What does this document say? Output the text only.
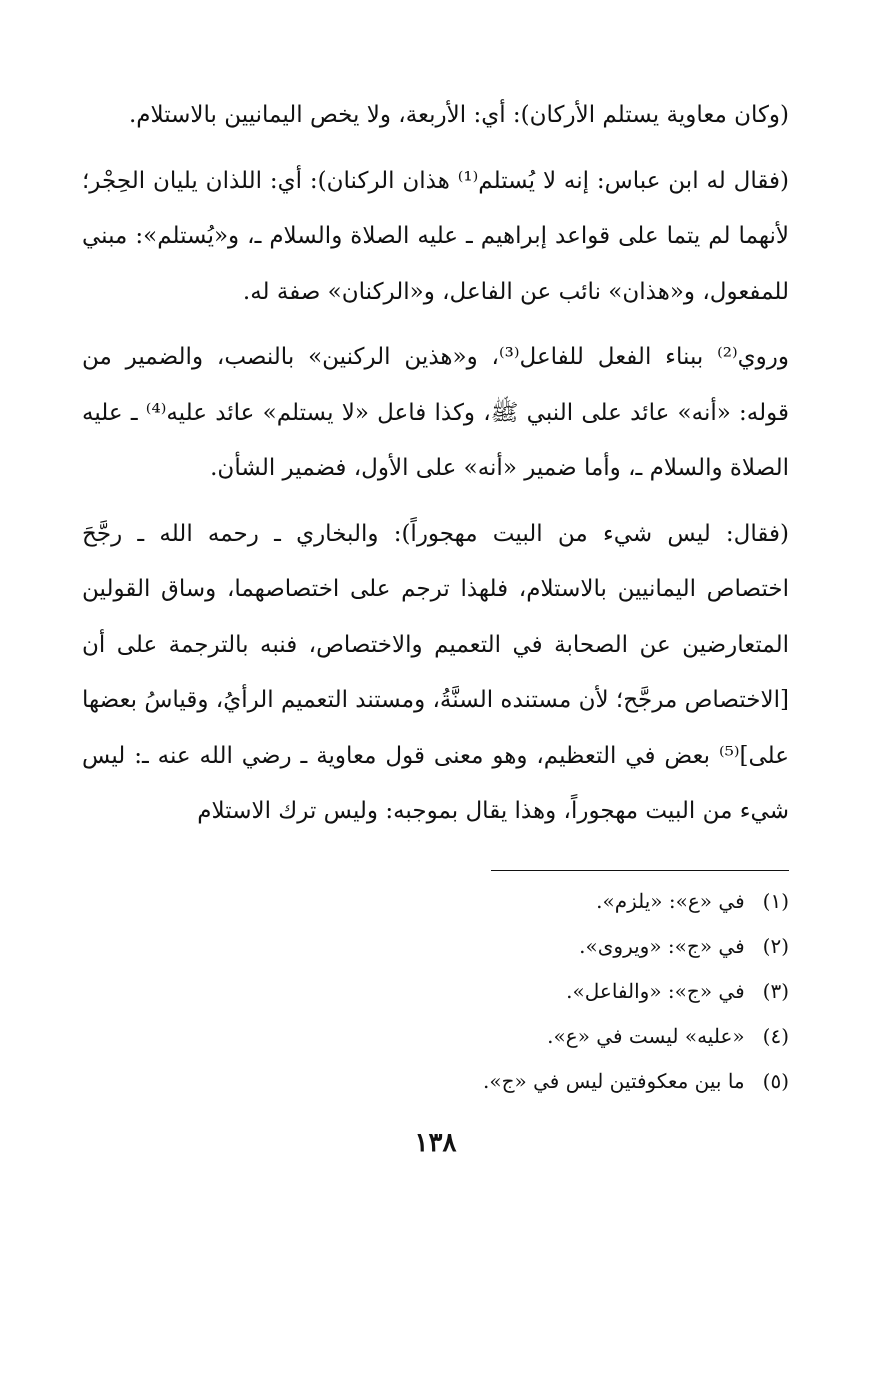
(وكان معاوية يستلم الأركان): أي: الأربعة، ولا يخص اليمانيين بالاستلام.

(فقال له ابن عباس: إنه لا يُستلم⁽¹⁾ هذان الركنان): أي: اللذان يليان الحِجْر؛ لأنهما لم يتما على قواعد إبراهيم ـ عليه الصلاة والسلام ـ، و«يُستلم»: مبني للمفعول، و«هذان» نائب عن الفاعل، و«الركنان» صفة له.

وروي⁽²⁾ ببناء الفعل للفاعل⁽³⁾، و«هذين الركنين» بالنصب، والضمير من قوله: «أنه» عائد على النبي ﷺ، وكذا فاعل «لا يستلم» عائد عليه⁽⁴⁾ ـ عليه الصلاة والسلام ـ، وأما ضمير «أنه» على الأول، فضمير الشأن.

(فقال: ليس شيء من البيت مهجوراً): والبخاري ـ رحمه الله ـ رجَّحَ اختصاص اليمانيين بالاستلام، فلهذا ترجم على اختصاصهما، وساق القولين المتعارضين عن الصحابة في التعميم والاختصاص، فنبه بالترجمة على أن [الاختصاص مرجَّح؛ لأن مستنده السنَّةُ، ومستند التعميم الرأيُ، وقياسُ بعضها على]⁽⁵⁾ بعض في التعظيم، وهو معنى قول معاوية ـ رضي الله عنه ـ: ليس شيء من البيت مهجوراً، وهذا يقال بموجبه: وليس ترك الاستلام

(١) في «ع»: «يلزم».
(٢) في «ج»: «ويروى».
(٣) في «ج»: «والفاعل».
(٤) «عليه» ليست في «ع».
(٥) ما بين معكوفتين ليس في «ج».
١٣٨
